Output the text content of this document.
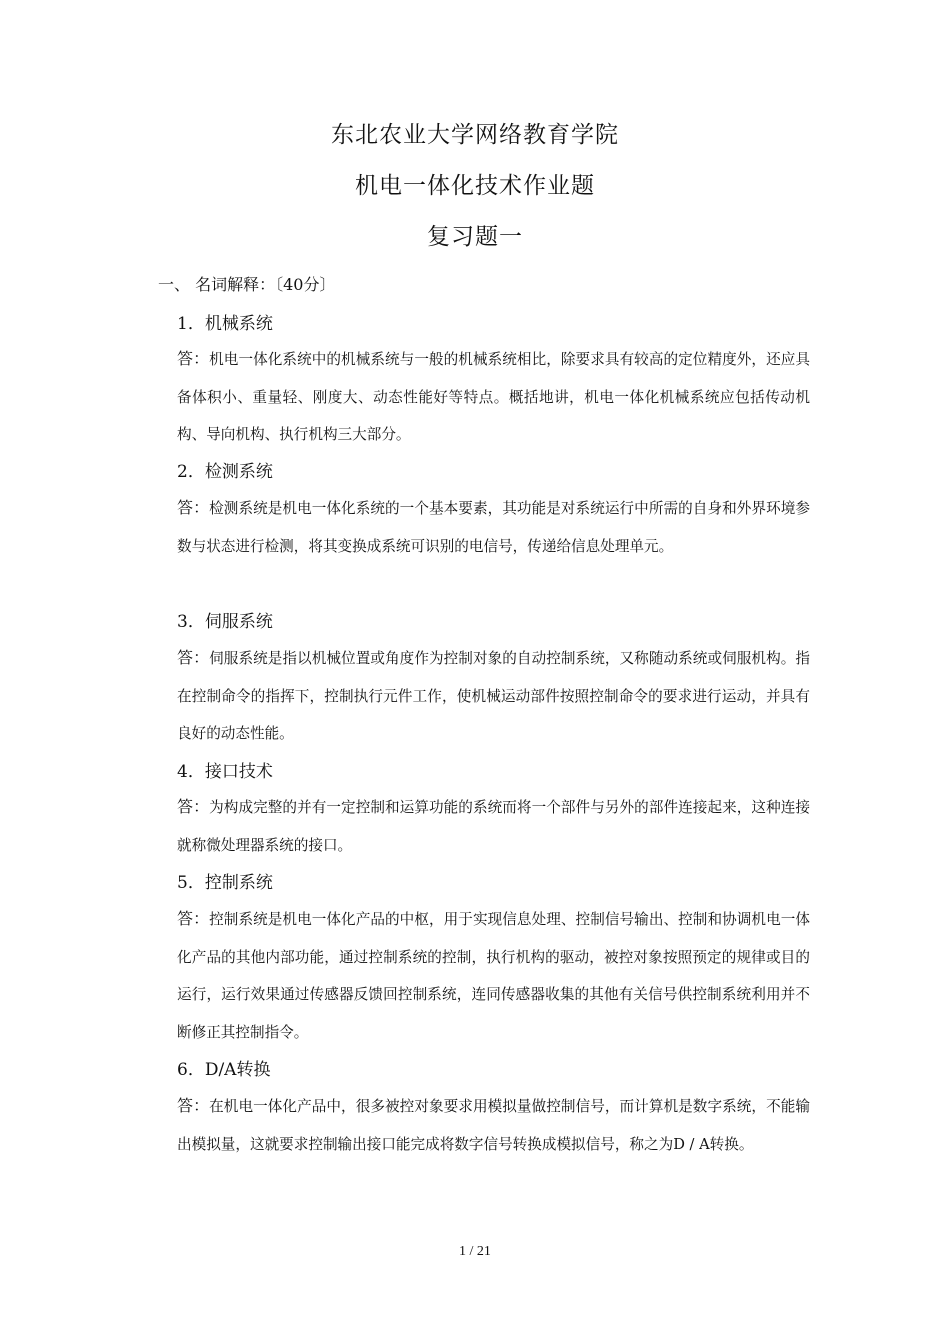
东北农业大学网络教育学院
机电一体化技术作业题
复习题一
一、 名词解释：〔40分〕
1．机械系统

答：机电一体化系统中的机械系统与一般的机械系统相比，除要求具有较高的定位精度外，还应具备体积小、重量轻、刚度大、动态性能好等特点。概括地讲，机电一体化机械系统应包括传动机构、导向机构、执行机构三大部分。

2．检测系统

答：检测系统是机电一体化系统的一个基本要素，其功能是对系统运行中所需的自身和外界环境参数与状态进行检测，将其变换成系统可识别的电信号，传递给信息处理单元。

3．伺服系统

答：伺服系统是指以机械位置或角度作为控制对象的自动控制系统，又称随动系统或伺服机构。指在控制命令的指挥下，控制执行元件工作，使机械运动部件按照控制命令的要求进行运动，并具有良好的动态性能。

4．接口技术

答：为构成完整的并有一定控制和运算功能的系统而将一个部件与另外的部件连接起来，这种连接就称微处理器系统的接口。

5．控制系统

答：控制系统是机电一体化产品的中枢，用于实现信息处理、控制信号输出、控制和协调机电一体化产品的其他内部功能，通过控制系统的控制，执行机构的驱动，被控对象按照预定的规律或目的运行，运行效果通过传感器反馈回控制系统，连同传感器收集的其他有关信号供控制系统利用并不断修正其控制指令。

6．D/A转换

答：在机电一体化产品中，很多被控对象要求用模拟量做控制信号，而计算机是数字系统，不能输出模拟量，这就要求控制输出接口能完成将数字信号转换成模拟信号，称之为D / A转换。

1 / 21
